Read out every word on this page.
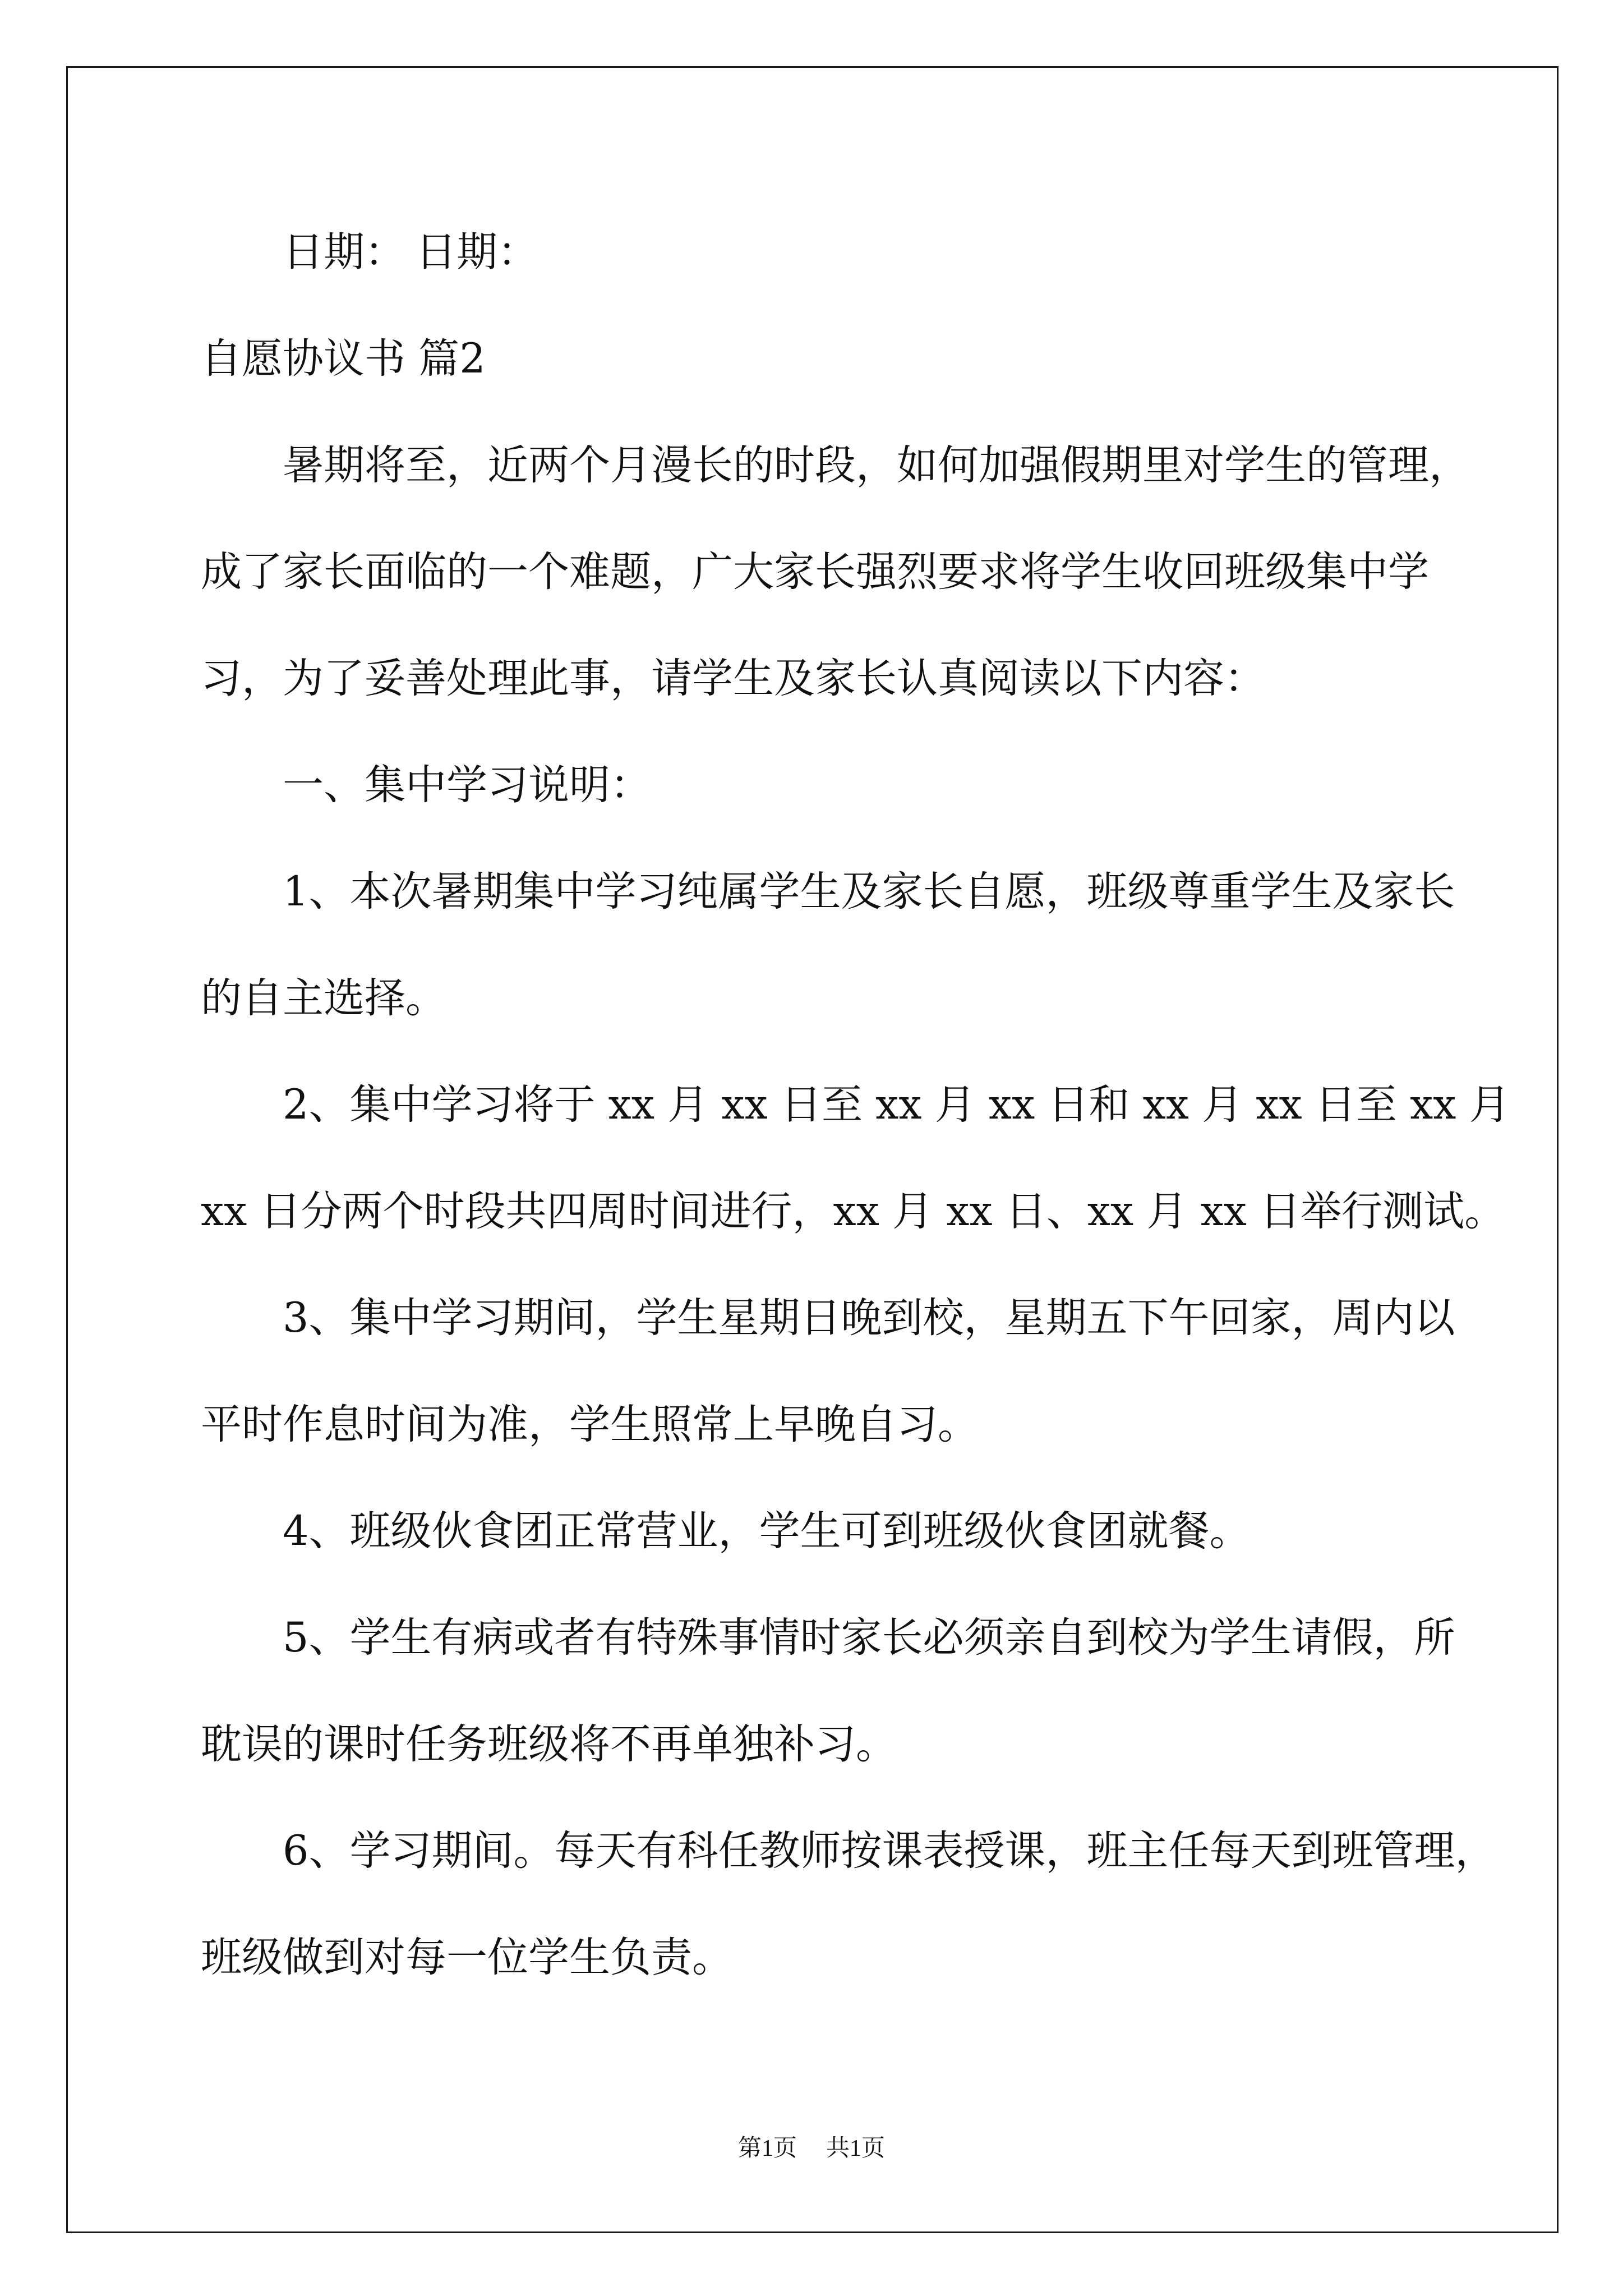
日期： 日期：
自愿协议书 篇2
暑期将至，近两个月漫长的时段，如何加强假期里对学生的管理，
成了家长面临的一个难题，广大家长强烈要求将学生收回班级集中学
习，为了妥善处理此事，请学生及家长认真阅读以下内容：
一、集中学习说明：
1、本次暑期集中学习纯属学生及家长自愿，班级尊重学生及家长
的自主选择。
2、集中学习将于 xx 月 xx 日至 xx 月 xx 日和 xx 月 xx 日至 xx 月
xx 日分两个时段共四周时间进行，xx 月 xx 日、xx 月 xx 日举行测试。
3、集中学习期间，学生星期日晚到校，星期五下午回家，周内以
平时作息时间为准，学生照常上早晚自习。
4、班级伙食团正常营业，学生可到班级伙食团就餐。
5、学生有病或者有特殊事情时家长必须亲自到校为学生请假，所
耽误的课时任务班级将不再单独补习。
6、学习期间。每天有科任教师按课表授课，班主任每天到班管理，
班级做到对每一位学生负责。
第1页 共1页
